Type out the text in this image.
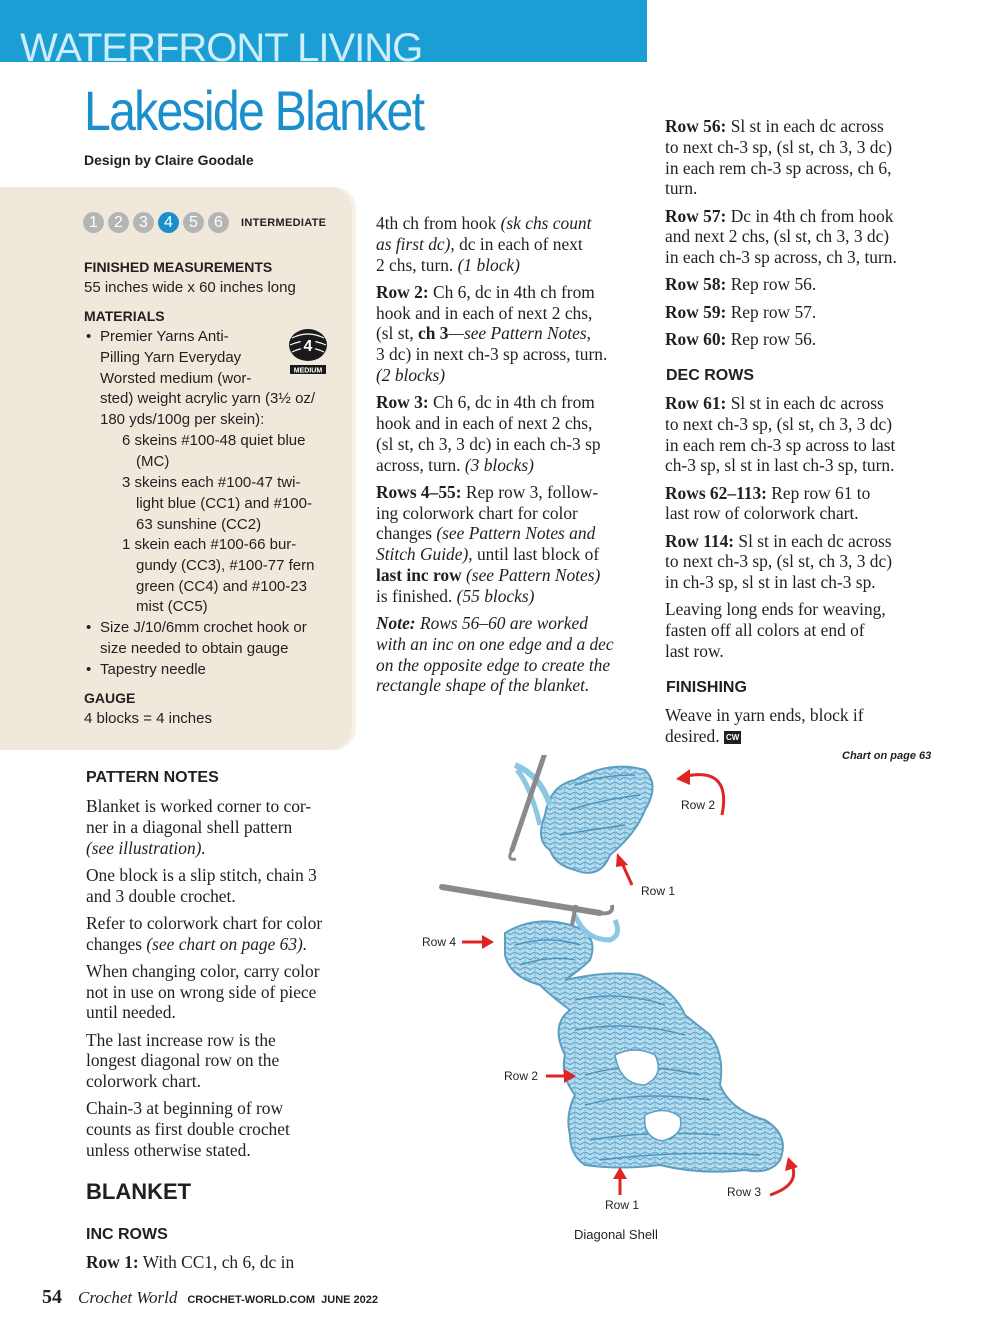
WATERFRONT LIVING
Lakeside Blanket
Design by Claire Goodale
1	2	3	4	5	6	INTERMEDIATE
FINISHED MEASUREMENTS
55 inches wide x 60 inches long
MATERIALS
4
MEDIUM
• Premier Yarns Anti-
Pilling Yarn Everyday
Worsted medium (wor-
sted) weight acrylic yarn (3½ oz/
180 yds/100g per skein):
6 skeins #100-48 quiet blue
(MC)
3 skeins each #100-47 twi-
light blue (CC1) and #100-
63 sunshine (CC2)
1 skein each #100-66 bur-
gundy (CC3), #100-77 fern
green (CC4) and #100-23
mist (CC5)
• Size J/10/6mm crochet hook or
size needed to obtain gauge
• Tapestry needle
GAUGE
4 blocks = 4 inches
PATTERN NOTES

Blanket is worked corner to cor-
ner in a diagonal shell pattern
(see illustration).

One block is a slip stitch, chain 3
and 3 double crochet.

Refer to colorwork chart for color
changes (see chart on page 63).

When changing color, carry color
not in use on wrong side of piece
until needed.

The last increase row is the
longest diagonal row on the
colorwork chart.

Chain-3 at beginning of row
counts as first double crochet
unless otherwise stated.

BLANKET
INC ROWS
Row 1: With CC1, ch 6, dc in

4th ch from hook (sk chs count
as first dc), dc in each of next
2 chs, turn. (1 block)

Row 2: Ch 6, dc in 4th ch from
hook and in each of next 2 chs,
(sl st, ch 3—see Pattern Notes,
3 dc) in next ch-3 sp across, turn.
(2 blocks)

Row 3: Ch 6, dc in 4th ch from
hook and in each of next 2 chs,
(sl st, ch 3, 3 dc) in each ch-3 sp
across, turn. (3 blocks)

Rows 4–55: Rep row 3, follow-
ing colorwork chart for color
changes (see Pattern Notes and
Stitch Guide), until last block of
last inc row (see Pattern Notes)
is finished. (55 blocks)

Note: Rows 56–60 are worked
with an inc on one edge and a dec
on the opposite edge to create the
rectangle shape of the blanket.

Row 56: Sl st in each dc across
to next ch-3 sp, (sl st, ch 3, 3 dc)
in each rem ch-3 sp across, ch 6,
turn.

Row 57: Dc in 4th ch from hook
and next 2 chs, (sl st, ch 3, 3 dc)
in each ch-3 sp across, ch 3, turn.

Row 58: Rep row 56.

Row 59: Rep row 57.

Row 60: Rep row 56.

DEC ROWS

Row 61: Sl st in each dc across
to next ch-3 sp, (sl st, ch 3, 3 dc)
in each rem ch-3 sp across to last
ch-3 sp, sl st in last ch-3 sp, turn.

Rows 62–113: Rep row 61 to
last row of colorwork chart.

Row 114: Sl st in each dc across
to next ch-3 sp, (sl st, ch 3, 3 dc)
in ch-3 sp, sl st in last ch-3 sp.

Leaving long ends for weaving,
fasten off all colors at end of
last row.

FINISHING
Weave in yarn ends, block if
desired. CW
Chart on page 63
Row 2
Row 1
Row 4
Row 2
Row 1
Row 3
Diagonal Shell
54 Crochet World CROCHET-WORLD.COM  JUNE 2022
